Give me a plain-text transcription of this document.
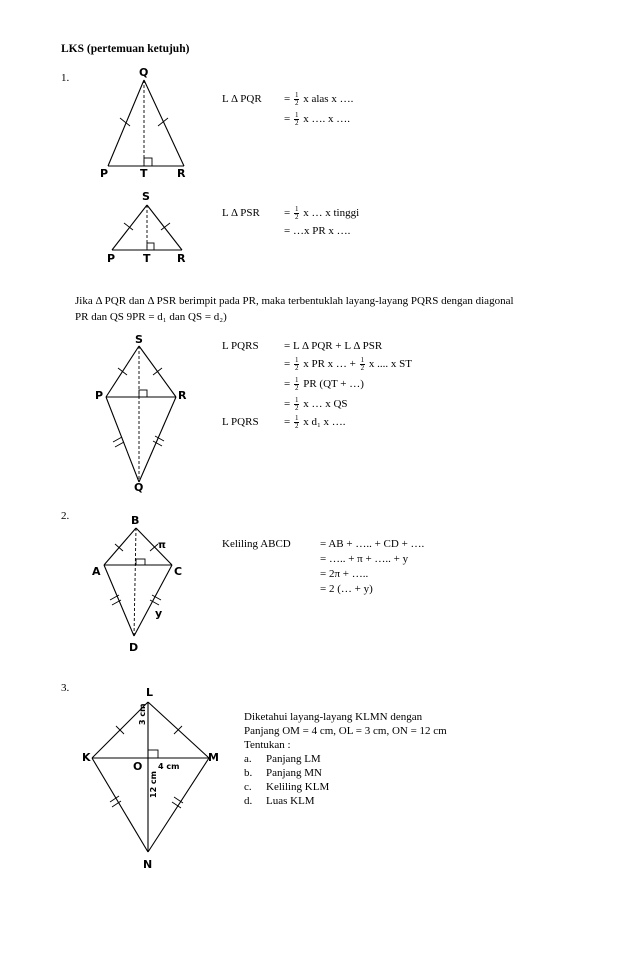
LKS (pertemuan ketujuh)
1.	Q
P	T	R
L Δ PQR = $\frac{1}{2}$ x alas x ….
= $\frac{1}{2}$ x …. x ….
S
P	T R
L Δ PSR = $\frac{1}{2}$ x … x tinggi
= …x PR x ….
Jika Δ PQR dan Δ PSR berimpit pada PR, maka terbentuklah layang-layang PQRS dengan diagonal
PR dan QS 9PR = d₁ dan QS = d₂)
S
P	R
Q
L PQRS = L Δ PQR + L Δ PSR
= $\frac{1}{2}$ x PR x … + $\frac{1}{2}$ x .... x ST
= $\frac{1}{2}$ PR (QT + …)
= $\frac{1}{2}$ x … x QS
L PQRS = $\frac{1}{2}$ x d₁ x ….
2.	B
π
A	C
y
D
Keliling ABCD	= AB + ….. + CD + ….
= ….. + π + ….. + y
= 2π + …..
= 2 (… + y)
3.	L
K
O
M
N
3 cm
4 cm
12 cm
Diketahui layang-layang KLMN dengan
Panjang OM = 4 cm, OL = 3 cm, ON = 12 cm
Tentukan :
a. Panjang LM
b. Panjang MN
c. Keliling KLM
d. Luas KLM
